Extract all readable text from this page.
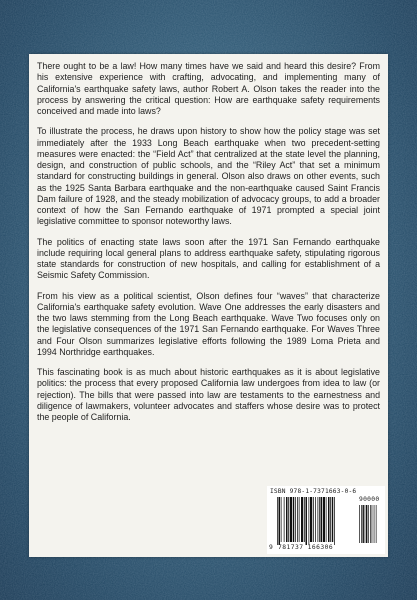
There ought to be a law! How many times have we said and heard this desire? From his extensive experience with crafting, advocating, and implementing many of California's earthquake safety laws, author Robert A. Olson takes the reader into the process by answering the critical question: How are earthquake safety requirements conceived and made into laws?

To illustrate the process, he draws upon history to show how the policy stage was set immediately after the 1933 Long Beach earthquake when two precedent-setting measures were enacted: the “Field Act” that centralized at the state level the planning, design, and construction of public schools, and the “Riley Act” that set a minimum standard for constructing buildings in general. Olson also draws on other events, such as the 1925 Santa Barbara earthquake and the non-earthquake caused Saint Francis Dam failure of 1928, and the steady mobilization of advocacy groups, to add a broader context of how the San Fernando earthquake of 1971 prompted a special joint legislative committee to sponsor noteworthy laws.

The politics of enacting state laws soon after the 1971 San Fernando earthquake include requiring local general plans to address earthquake safety, stipulating rigorous state standards for construction of new hospitals, and calling for establishment of a Seismic Safety Commission.

From his view as a political scientist, Olson defines four “waves” that characterize California's earthquake safety evolution. Wave One addresses the early disasters and the two laws stemming from the Long Beach earthquake. Wave Two focuses only on the legislative consequences of the 1971 San Fernando earthquake. For Waves Three and Four Olson summarizes legislative efforts following the 1989 Loma Prieta and 1994 Northridge earthquakes.

This fascinating book is as much about historic earthquakes as it is about legislative politics: the process that every proposed California law undergoes from idea to law (or rejection). The bills that were passed into law are testaments to the earnestness and diligence of lawmakers, volunteer advocates and staffers whose desire was to protect the people of California.

ISBN 978-1-7371663-0-6
90000
9 781737 166306
